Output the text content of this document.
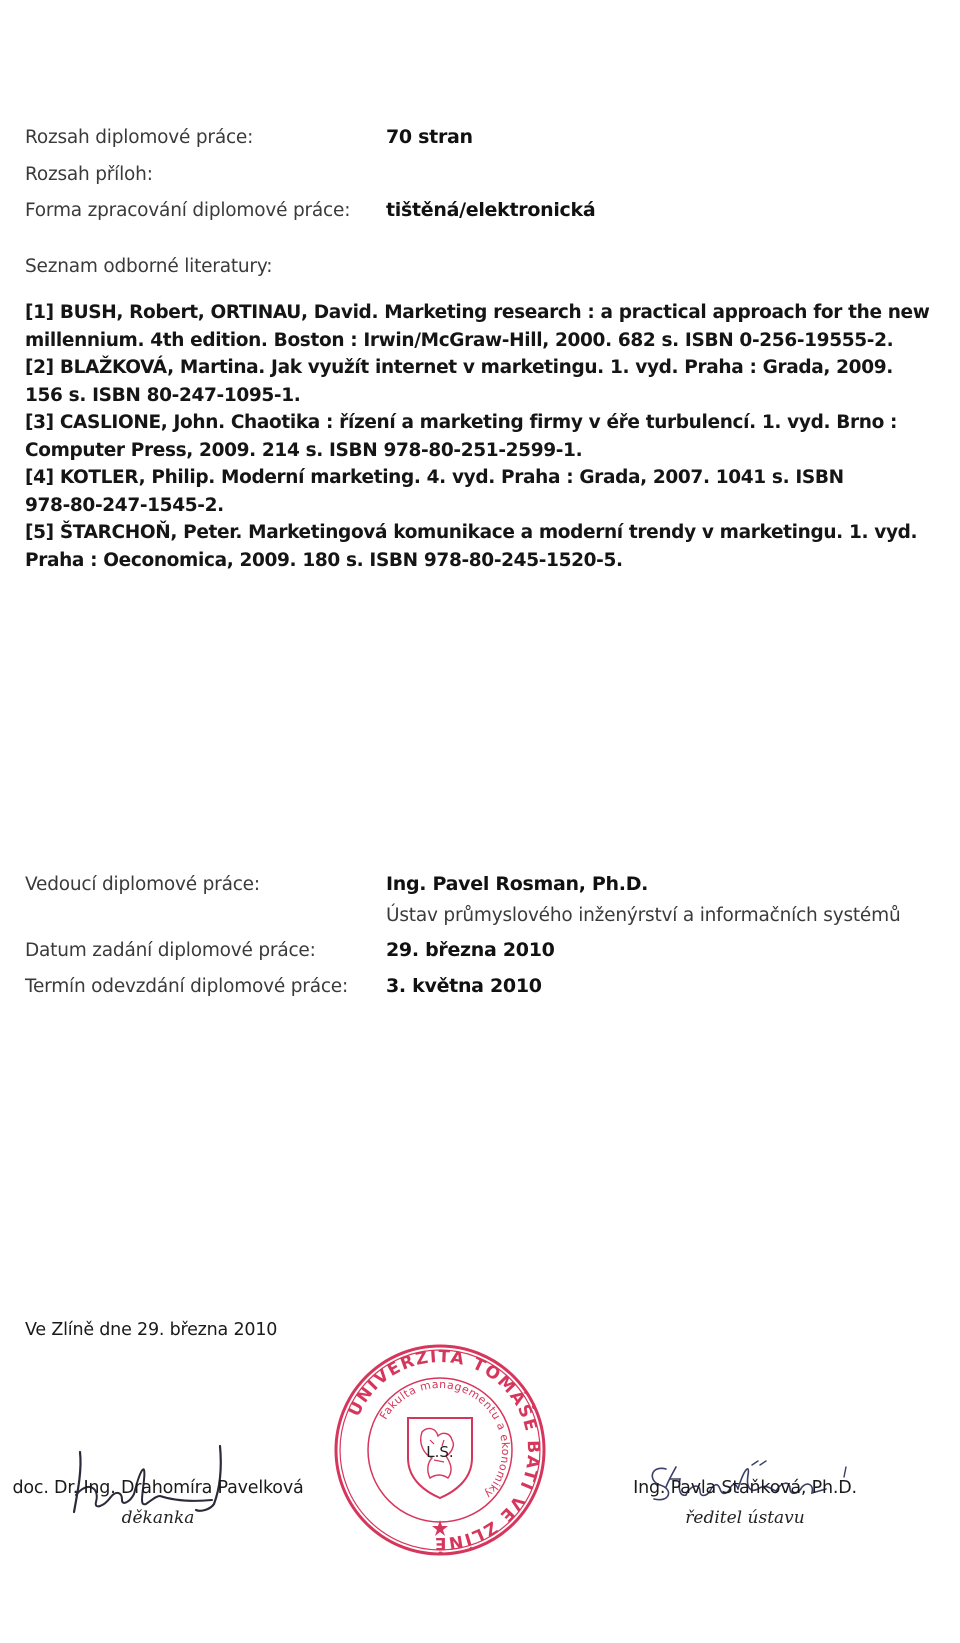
Rozsah diplomové práce:	70 stran
Rozsah příloh:
Forma zpracování diplomové práce: tištěná/elektronická
Seznam odborné literatury:
[1] BUSH, Robert, ORTINAU, David. Marketing research : a practical approach for the new
millennium. 4th edition. Boston : Irwin/McGraw-Hill, 2000. 682 s. ISBN 0-256-19555-2.
[2] BLAŽKOVÁ, Martina. Jak využít internet v marketingu. 1. vyd. Praha : Grada, 2009.
156 s. ISBN 80-247-1095-1.
[3] CASLIONE, John. Chaotika : řízení a marketing firmy v éře turbulencí. 1. vyd. Brno :
Computer Press, 2009. 214 s. ISBN 978-80-251-2599-1.
[4] KOTLER, Philip. Moderní marketing. 4. vyd. Praha : Grada, 2007. 1041 s. ISBN
978-80-247-1545-2.
[5] ŠTARCHOŇ, Peter. Marketingová komunikace a moderní trendy v marketingu. 1. vyd.
Praha : Oeconomica, 2009. 180 s. ISBN 978-80-245-1520-5.
Vedoucí diplomové práce:	Ing. Pavel Rosman, Ph.D.
Ústav průmyslového inženýrství a informačních systémů
Datum zadání diplomové práce:	29. března 2010
Termín odevzdání diplomové práce: 3. května 2010
Ve Zlíně dne 29. března 2010
doc. Dr. Ing. Drahomíra Pavelková
děkanka
UNIVERZITA TOMÁŠE BATI VE ZLÍNĚ
Fakulta managementu a ekonomiky
L.S.
Ing. Pavla Staňková, Ph.D.
ředitel ústavu
